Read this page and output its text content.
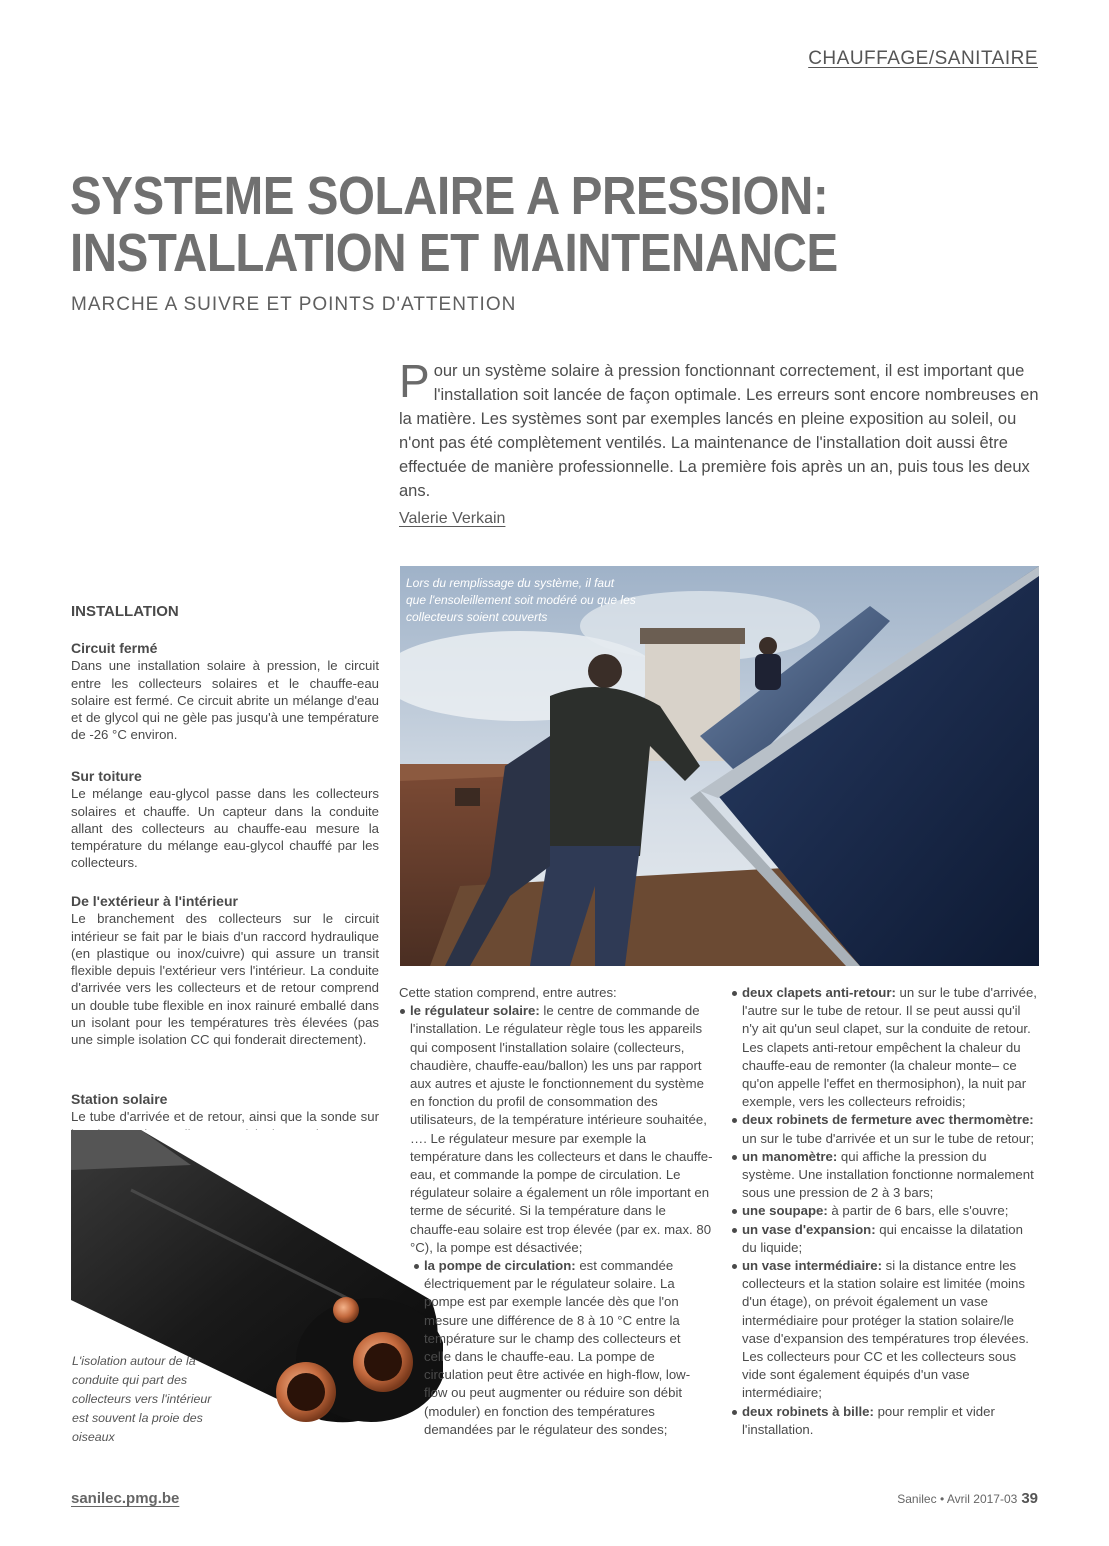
CHAUFFAGE/SANITAIRE
SYSTEME SOLAIRE A PRESSION:
INSTALLATION ET MAINTENANCE
MARCHE A SUIVRE ET POINTS D'ATTENTION
Pour un système solaire à pression fonctionnant correctement, il est important que l'installation soit lancée de façon optimale. Les erreurs sont encore nombreuses en la matière. Les systèmes sont par exemples lancés en pleine exposition au soleil, ou n'ont pas été complètement ventilés. La maintenance de l'installation doit aussi être effectuée de manière professionnelle. La première fois après un an, puis tous les deux ans.
Valerie Verkain
Lors du remplissage du système, il faut que l'ensoleillement soit modéré ou que les collecteurs soient couverts
INSTALLATION
Circuit fermé

Dans une installation solaire à pression, le circuit entre les collecteurs solaires et le chauffe-eau solaire est fermé. Ce circuit abrite un mélange d'eau et de glycol qui ne gèle pas jusqu'à une température de -26 °C environ.

Sur toiture

Le mélange eau-glycol passe dans les collecteurs solaires et chauffe. Un capteur dans la conduite allant des collecteurs au chauffe-eau mesure la température du mélange eau-glycol chauffé par les collecteurs.

De l'extérieur à l'intérieur

Le branchement des collecteurs sur le circuit intérieur se fait par le biais d'un raccord hydraulique (en plastique ou inox/cuivre) qui assure un transit flexible depuis l'extérieur vers l'intérieur. La conduite d'arrivée vers les collecteurs et de retour comprend un double tube flexible en inox rainuré emballé dans un isolant pour les températures très élevées (pas une simple isolation CC qui fonderait directement).

Station solaire

Le tube d'arrivée et de retour, ainsi que la sonde sur

L'isolation autour de la conduite qui part des collecteurs vers l'intérieur est souvent la proie des oiseaux
Cette station comprend, entre autres:
le régulateur solaire: le centre de commande de l'installation. Le régulateur règle tous les appareils qui composent l'installation solaire (collecteurs, chaudière, chauffe-eau/ballon) les uns par rapport aux autres et ajuste le fonctionnement du système en fonction du profil de consommation des utilisateurs, de la température intérieure souhaitée, …. Le régulateur mesure par exemple la température dans les collecteurs et dans le chauffe-eau, et commande la pompe de circulation. Le régulateur solaire a également un rôle important en terme de sécurité. Si la température dans le chauffe-eau solaire est trop élevée (par ex. max. 80 °C), la pompe est désactivée;
la pompe de circulation: est commandée électriquement par le régulateur solaire. La pompe est par exemple lancée dès que l'on mesure une différence de 8 à 10 °C entre la température sur le champ des collecteurs et celle dans le chauffe-eau. La pompe de circulation peut être activée en high-flow, low-flow ou peut augmenter ou réduire son débit (moduler) en fonction des températures demandées par le régulateur des sondes;
deux clapets anti-retour: un sur le tube d'arrivée, l'autre sur le tube de retour. Il se peut aussi qu'il n'y ait qu'un seul clapet, sur la conduite de retour. Les clapets anti-retour empêchent la chaleur du chauffe-eau de remonter (la chaleur monte– ce qu'on appelle l'effet en thermosiphon), la nuit par exemple, vers les collecteurs refroidis;
deux robinets de fermeture avec thermomètre: un sur le tube d'arrivée et un sur le tube de retour;
un manomètre: qui affiche la pression du système. Une installation fonctionne normalement sous une pression de 2 à 3 bars;
une soupape: à partir de 6 bars, elle s'ouvre;
un vase d'expansion: qui encaisse la dilatation du liquide;
un vase intermédiaire: si la distance entre les collecteurs et la station solaire est limitée (moins d'un étage), on prévoit également un vase intermédiaire pour protéger la station solaire/le vase d'expansion des températures trop élevées. Les collecteurs pour CC et les collecteurs sous vide sont également équipés d'un vase intermédiaire;
deux robinets à bille: pour remplir et vider l'installation.
sanilec.pmg.be	Sanilec • Avril 2017-03 39
